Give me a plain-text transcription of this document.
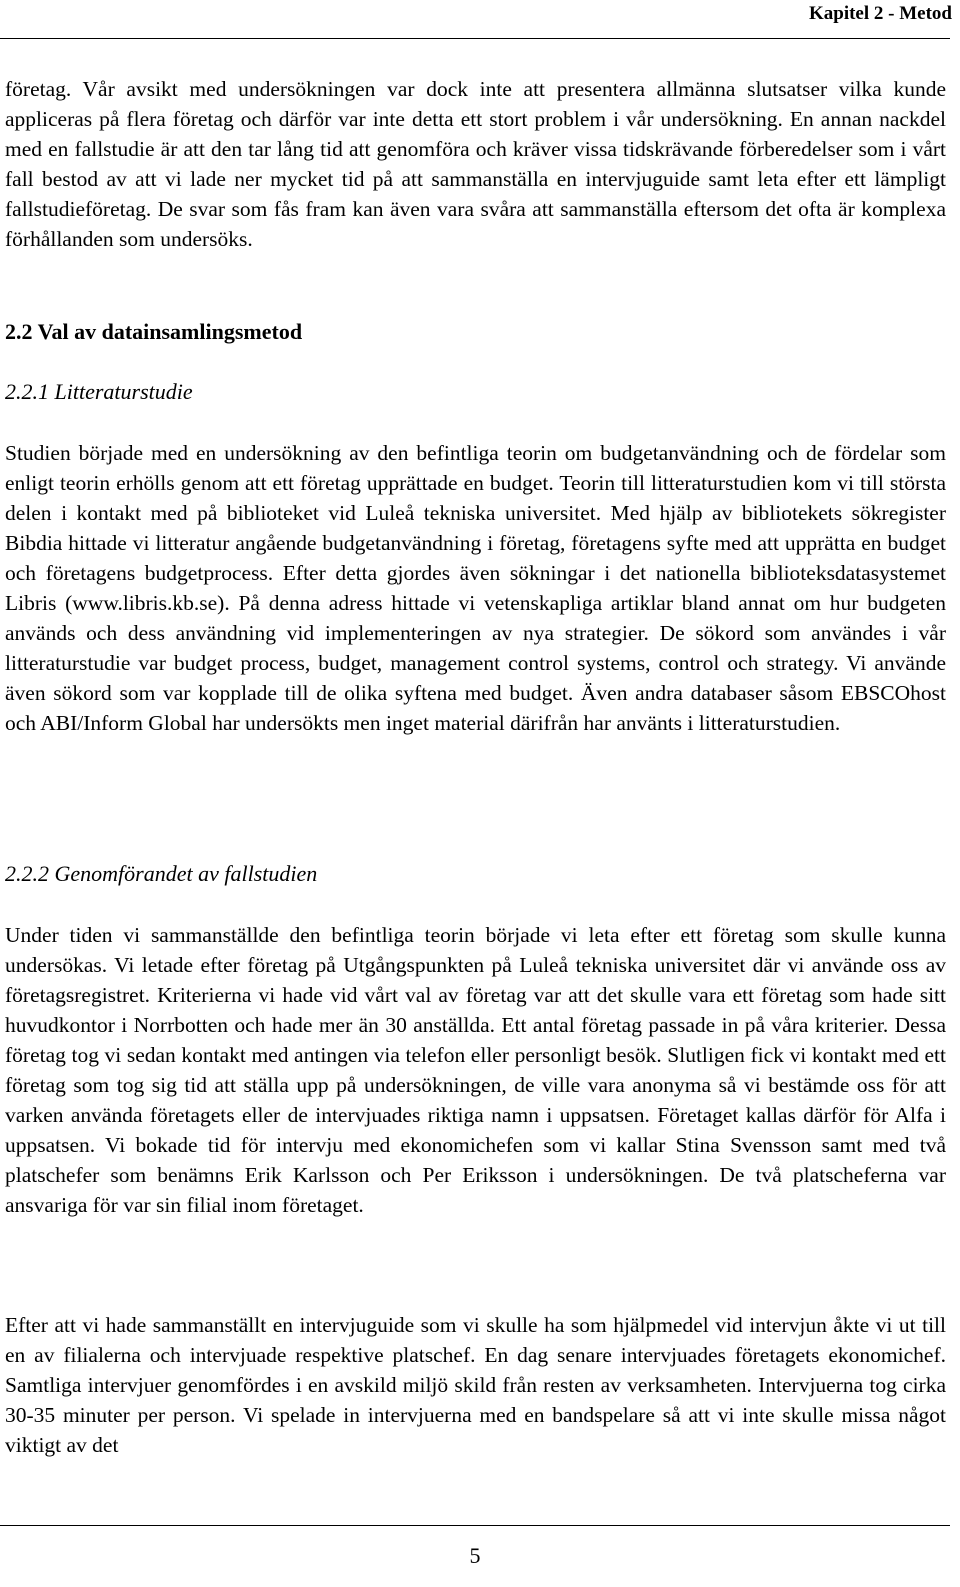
Kapitel 2 - Metod

företag. Vår avsikt med undersökningen var dock inte att presentera allmänna slutsatser vilka kunde appliceras på flera företag och därför var inte detta ett stort problem i vår undersökning. En annan nackdel med en fallstudie är att den tar lång tid att genomföra och kräver vissa tidskrävande förberedelser som i vårt fall bestod av att vi lade ner mycket tid på att sammanställa en intervjuguide samt leta efter ett lämpligt fallstudieföretag. De svar som fås fram kan även vara svåra att sammanställa eftersom det ofta är komplexa förhållanden som undersöks.

2.2 Val av datainsamlingsmetod
2.2.1 Litteraturstudie

Studien började med en undersökning av den befintliga teorin om budgetanvändning och de fördelar som enligt teorin erhölls genom att ett företag upprättade en budget. Teorin till litteraturstudien kom vi till största delen i kontakt med på biblioteket vid Luleå tekniska universitet. Med hjälp av bibliotekets sökregister Bibdia hittade vi litteratur angående budgetanvändning i företag, företagens syfte med att upprätta en budget och företagens budgetprocess. Efter detta gjordes även sökningar i det nationella biblioteksdatasystemet Libris (www.libris.kb.se). På denna adress hittade vi vetenskapliga artiklar bland annat om hur budgeten används och dess användning vid implementeringen av nya strategier. De sökord som användes i vår litteraturstudie var budget process, budget, management control systems, control och strategy. Vi använde även sökord som var kopplade till de olika syftena med budget. Även andra databaser såsom EBSCOhost och ABI/Inform Global har undersökts men inget material därifrån har använts i litteraturstudien.

2.2.2 Genomförandet av fallstudien

Under tiden vi sammanställde den befintliga teorin började vi leta efter ett företag som skulle kunna undersökas. Vi letade efter företag på Utgångspunkten på Luleå tekniska universitet där vi använde oss av företagsregistret. Kriterierna vi hade vid vårt val av företag var att det skulle vara ett företag som hade sitt huvudkontor i Norrbotten och hade mer än 30 anställda. Ett antal företag passade in på våra kriterier. Dessa företag tog vi sedan kontakt med antingen via telefon eller personligt besök. Slutligen fick vi kontakt med ett företag som tog sig tid att ställa upp på undersökningen, de ville vara anonyma så vi bestämde oss för att varken använda företagets eller de intervjuades riktiga namn i uppsatsen. Företaget kallas därför för Alfa i uppsatsen. Vi bokade tid för intervju med ekonomichefen som vi kallar Stina Svensson samt med två platschefer som benämns Erik Karlsson och Per Eriksson i undersökningen. De två platscheferna var ansvariga för var sin filial inom företaget.

Efter att vi hade sammanställt en intervjuguide som vi skulle ha som hjälpmedel vid intervjun åkte vi ut till en av filialerna och intervjuade respektive platschef. En dag senare intervjuades företagets ekonomichef. Samtliga intervjuer genomfördes i en avskild miljö skild från resten av verksamheten. Intervjuerna tog cirka 30-35 minuter per person. Vi spelade in intervjuerna med en bandspelare så att vi inte skulle missa något viktigt av det

5
